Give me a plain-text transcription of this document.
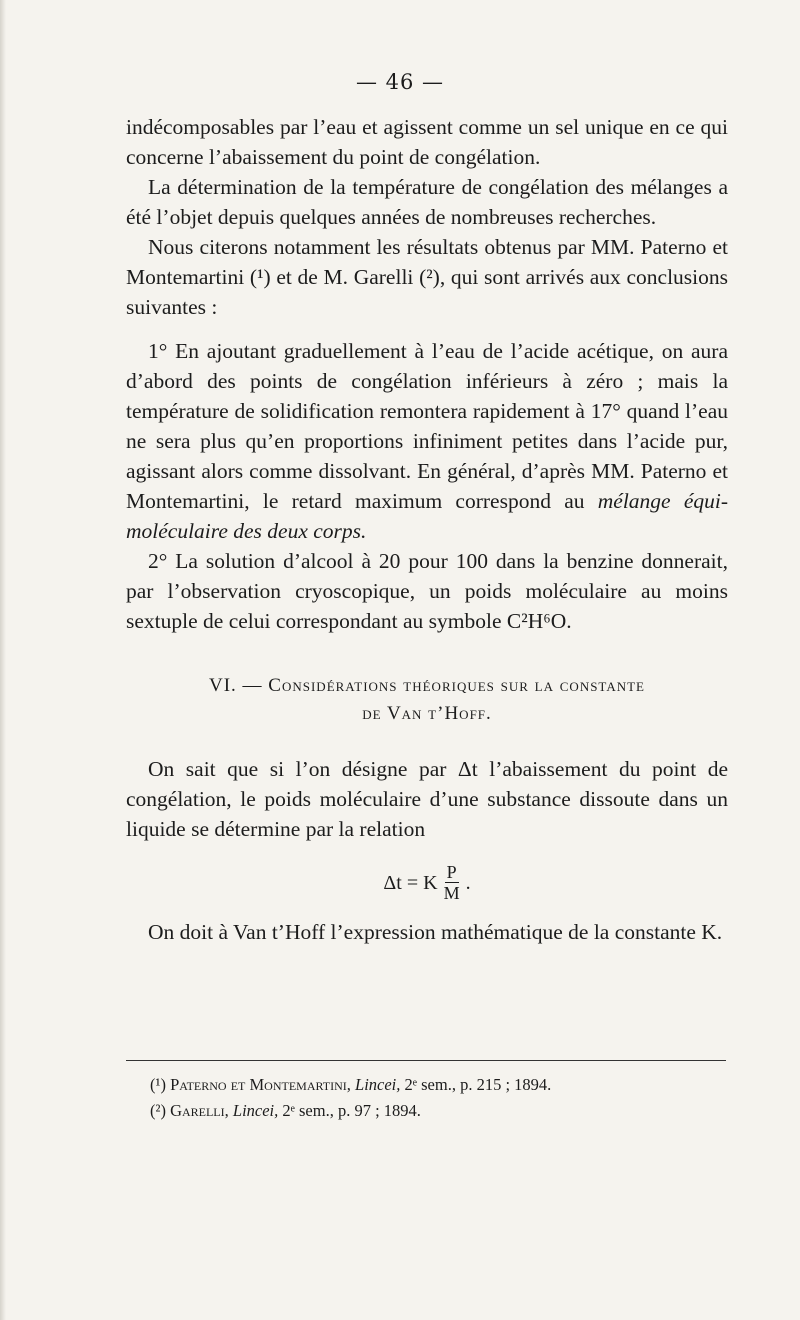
— 46 —

indécomposables par l’eau et agissent comme un sel unique en ce qui concerne l’abaissement du point de congélation.

La détermination de la température de congélation des mélanges a été l’objet depuis quelques années de nombreuses recherches.

Nous citerons notamment les résultats obtenus par MM. Paterno et Montemartini (¹) et de M. Garelli (²), qui sont arrivés aux conclusions suivantes :

1° En ajoutant graduellement à l’eau de l’acide acétique, on aura d’abord des points de congélation inférieurs à zéro ; mais la température de solidification remontera rapidement à 17° quand l’eau ne sera plus qu’en proportions infiniment petites dans l’acide pur, agissant alors comme dissolvant. En général, d’après MM. Paterno et Montemartini, le retard maximum correspond au mélange équi-moléculaire des deux corps.

2° La solution d’alcool à 20 pour 100 dans la benzine donnerait, par l’observation cryoscopique, un poids moléculaire au moins sextuple de celui correspondant au symbole C²H⁶O.

VI. — Considérations théoriques sur la constante
de Van t’Hoff.

On sait que si l’on désigne par Δt l’abaissement du point de congélation, le poids moléculaire d’une substance dissoute dans un liquide se détermine par la relation

Δt = K $\frac{P}{M}$ .

On doit à Van t’Hoff l’expression mathématique de la constante K.

(¹) Paterno et Montemartini, Lincei, 2ᵉ sem., p. 215 ; 1894.

(²) Garelli, Lincei, 2ᵉ sem., p. 97 ; 1894.
